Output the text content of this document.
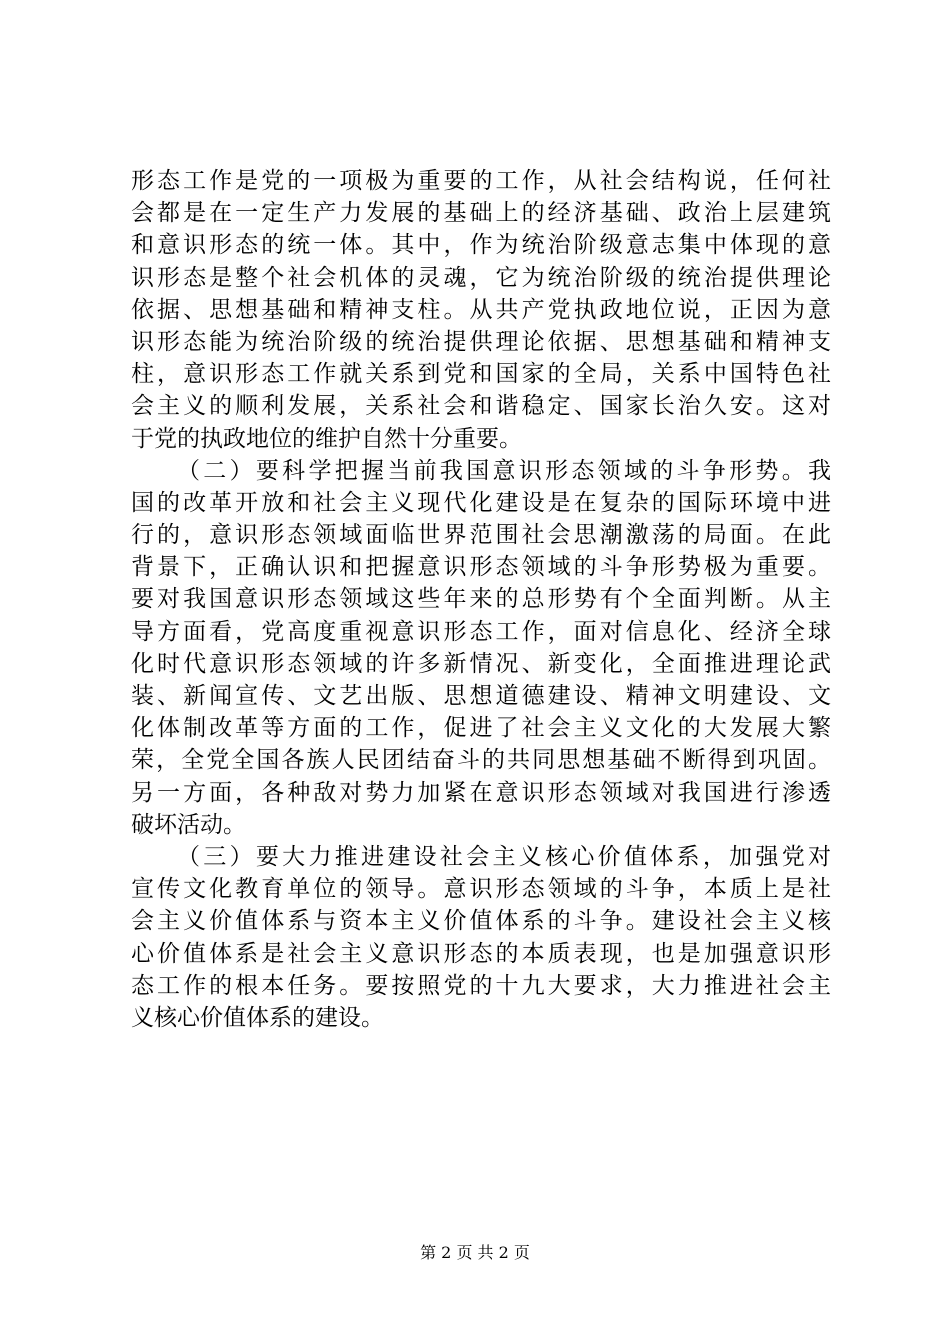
形态工作是党的一项极为重要的工作，从社会结构说，任何社
会都是在一定生产力发展的基础上的经济基础、政治上层建筑
和意识形态的统一体。其中，作为统治阶级意志集中体现的意
识形态是整个社会机体的灵魂，它为统治阶级的统治提供理论
依据、思想基础和精神支柱。从共产党执政地位说，正因为意
识形态能为统治阶级的统治提供理论依据、思想基础和精神支
柱，意识形态工作就关系到党和国家的全局，关系中国特色社
会主义的顺利发展，关系社会和谐稳定、国家长治久安。这对
于党的执政地位的维护自然十分重要。
（二）要科学把握当前我国意识形态领域的斗争形势。我
国的改革开放和社会主义现代化建设是在复杂的国际环境中进
行的，意识形态领域面临世界范围社会思潮激荡的局面。在此
背景下，正确认识和把握意识形态领域的斗争形势极为重要。
要对我国意识形态领域这些年来的总形势有个全面判断。从主
导方面看，党高度重视意识形态工作，面对信息化、经济全球
化时代意识形态领域的许多新情况、新变化，全面推进理论武
装、新闻宣传、文艺出版、思想道德建设、精神文明建设、文
化体制改革等方面的工作，促进了社会主义文化的大发展大繁
荣，全党全国各族人民团结奋斗的共同思想基础不断得到巩固。
另一方面，各种敌对势力加紧在意识形态领域对我国进行渗透
破坏活动。
（三）要大力推进建设社会主义核心价值体系，加强党对
宣传文化教育单位的领导。意识形态领域的斗争，本质上是社
会主义价值体系与资本主义价值体系的斗争。建设社会主义核
心价值体系是社会主义意识形态的本质表现，也是加强意识形
态工作的根本任务。要按照党的十九大要求，大力推进社会主
义核心价值体系的建设。
第 2 页 共 2 页
